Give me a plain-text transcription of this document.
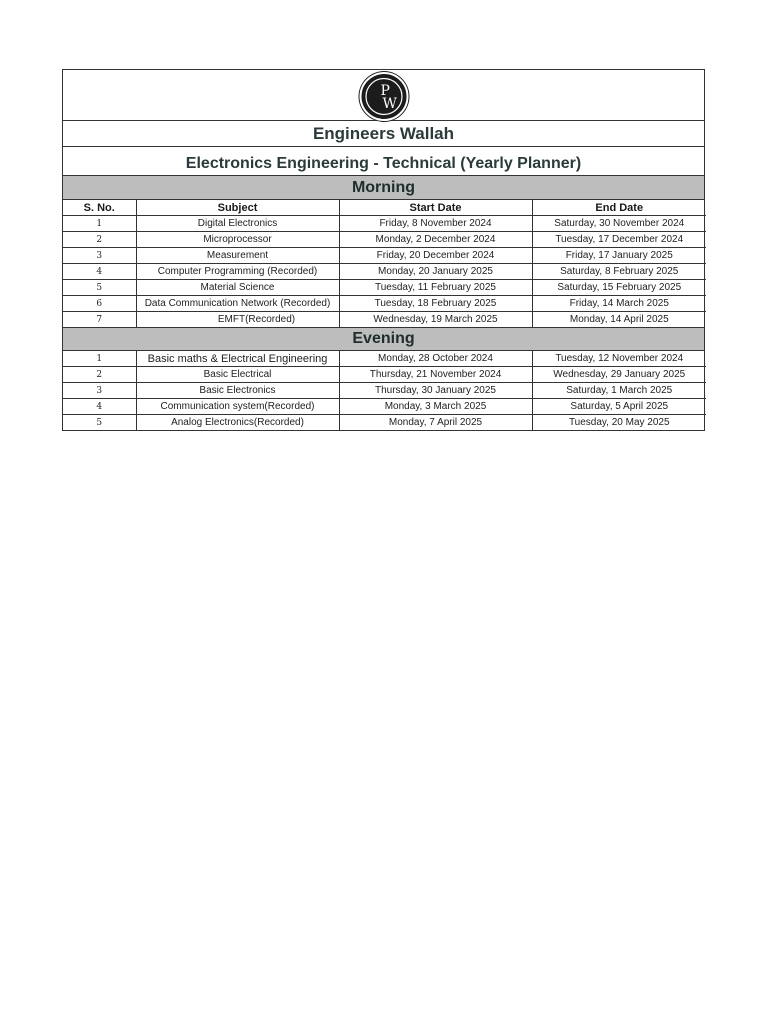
P
W
Engineers Wallah
Electronics Engineering - Technical (Yearly Planner)
Morning
S. No.	Subject	Start Date	End Date
1	Digital Electronics	Friday, 8 November 2024	Saturday, 30 November 2024
2	Microprocessor	Monday, 2 December 2024	Tuesday, 17 December 2024
3	Measurement	Friday, 20 December 2024	Friday, 17 January 2025
4	Computer Programming (Recorded)	Monday, 20 January 2025	Saturday, 8 February 2025
5	Material Science	Tuesday, 11 February 2025	Saturday, 15 February 2025
6	Data Communication Network (Recorded)	Tuesday, 18 February 2025	Friday, 14 March 2025
7	EMFT(Recorded)	Wednesday, 19 March 2025	Monday, 14 April 2025
Evening
1	Basic maths & Electrical Engineering	Monday, 28 October 2024	Tuesday, 12 November 2024
2	Basic Electrical	Thursday, 21 November 2024	Wednesday, 29 January 2025
3	Basic Electronics	Thursday, 30 January 2025	Saturday, 1 March 2025
4	Communication system(Recorded)	Monday, 3 March 2025	Saturday, 5 April 2025
5	Analog Electronics(Recorded)	Monday, 7 April 2025	Tuesday, 20 May 2025
